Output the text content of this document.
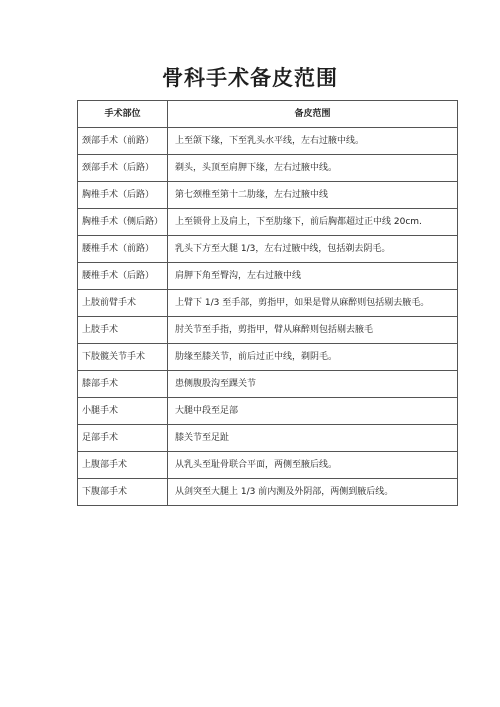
骨科手术备皮范围
手术部位	备皮范围
颈部手术（前路）	上至颌下缘，下至乳头水平线，左右过腋中线。
颈部手术（后路）	剃头，头顶至肩胛下缘，左右过腋中线。
胸椎手术（后路）	第七颈椎至第十二肋缘，左右过腋中线
胸椎手术（侧后路）	上至锁骨上及肩上，下至肋缘下，前后胸都超过正中线 20cm.
腰椎手术（前路）	乳头下方至大腿 1/3，左右过腋中线，包括剃去阴毛。
腰椎手术（后路）	肩胛下角至臀沟，左右过腋中线
上肢前臂手术	上臂下 1/3 至手部，剪指甲，如果是臂从麻醉则包括剔去腋毛。
上肢手术	肘关节至手指，剪指甲，臂从麻醉则包括剔去腋毛
下肢髋关节手术	肋缘至膝关节，前后过正中线，剃阴毛。
膝部手术	患侧腹股沟至踝关节
小腿手术	大腿中段至足部
足部手术	膝关节至足趾
上腹部手术	从乳头至耻骨联合平面，两侧至腋后线。
下腹部手术	从剑突至大腿上 1/3 前内测及外阴部，两侧到腋后线。
